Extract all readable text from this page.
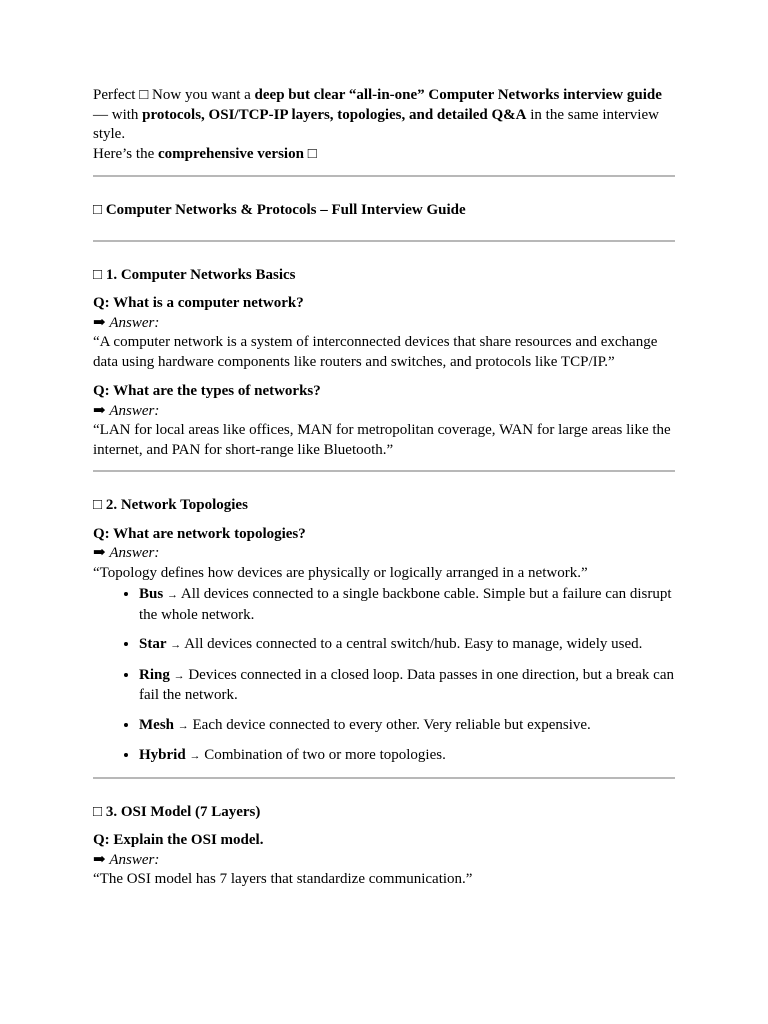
Perfect □ Now you want a deep but clear “all-in-one” Computer Networks interview guide — with protocols, OSI/TCP-IP layers, topologies, and detailed Q&A in the same interview style.
Here’s the comprehensive version □

□ Computer Networks & Protocols – Full Interview Guide
□ 1. Computer Networks Basics

Q: What is a computer network?

➡ Answer:

“A computer network is a system of interconnected devices that share resources and exchange data using hardware components like routers and switches, and protocols like TCP/IP.”

Q: What are the types of networks?

➡ Answer:

“LAN for local areas like offices, MAN for metropolitan coverage, WAN for large areas like the internet, and PAN for short-range like Bluetooth.”

□ 2. Network Topologies

Q: What are network topologies?

➡ Answer:

“Topology defines how devices are physically or logically arranged in a network.”

• Bus → All devices connected to a single backbone cable. Simple but a failure can disrupt the whole network.
• Star → All devices connected to a central switch/hub. Easy to manage, widely used.
• Ring → Devices connected in a closed loop. Data passes in one direction, but a break can fail the network.
• Mesh → Each device connected to every other. Very reliable but expensive.
• Hybrid → Combination of two or more topologies.
□ 3. OSI Model (7 Layers)

Q: Explain the OSI model.

➡ Answer:

“The OSI model has 7 layers that standardize communication.”
